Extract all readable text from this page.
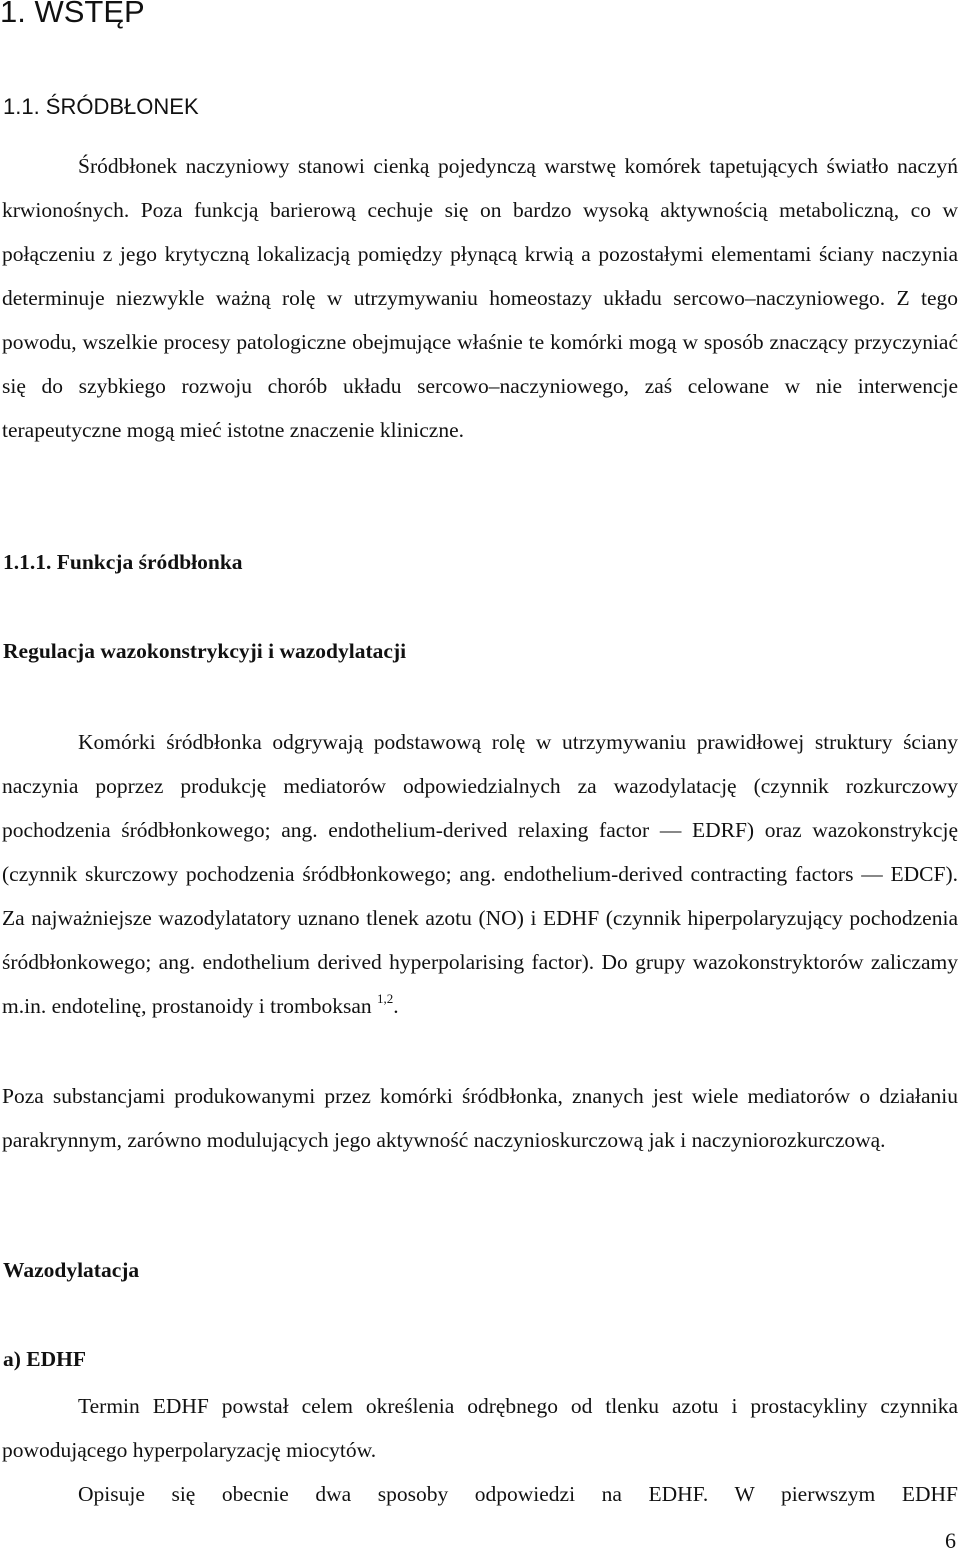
1. WSTĘP
1.1. ŚRÓDBŁONEK
Śródbłonek naczyniowy stanowi cienką pojedynczą warstwę komórek tapetujących światło naczyń krwionośnych. Poza funkcją barierową cechuje się on bardzo wysoką aktywnością metaboliczną, co w połączeniu z jego krytyczną lokalizacją pomiędzy płynącą krwią a pozostałymi elementami ściany naczynia determinuje niezwykle ważną rolę w utrzymywaniu homeostazy układu sercowo–naczyniowego. Z tego powodu, wszelkie procesy patologiczne obejmujące właśnie te komórki mogą w sposób znaczący przyczyniać się do szybkiego rozwoju chorób układu sercowo–naczyniowego, zaś celowane w nie interwencje terapeutyczne mogą mieć istotne znaczenie kliniczne.
1.1.1. Funkcja śródbłonka
Regulacja wazokonstrykcyji i wazodylatacji
Komórki śródbłonka odgrywają podstawową rolę w utrzymywaniu prawidłowej struktury ściany naczynia poprzez produkcję mediatorów odpowiedzialnych za wazodylatację (czynnik rozkurczowy pochodzenia śródbłonkowego; ang. endothelium-derived relaxing factor — EDRF) oraz wazokonstrykcję (czynnik skurczowy pochodzenia śródbłonkowego; ang. endothelium-derived contracting factors — EDCF). Za najważniejsze wazodylatatory uznano tlenek azotu (NO) i EDHF (czynnik hiperpolaryzujący pochodzenia śródbłonkowego; ang. endothelium derived hyperpolarising factor). Do grupy wazokonstryktorów zaliczamy m.in. endotelinę, prostanoidy i tromboksan $^{1,2}$.
Poza substancjami produkowanymi przez komórki śródbłonka, znanych jest wiele mediatorów o działaniu parakrynnym, zarówno modulujących jego aktywność naczynioskurczową jak i naczyniorozkurczową.
Wazodylatacja
a) EDHF
Termin EDHF powstał celem określenia odrębnego od tlenku azotu i prostacykliny czynnika powodującego hyperpolaryzację miocytów.
Opisuje się obecnie dwa sposoby odpowiedzi na EDHF. W pierwszym EDHF
6
